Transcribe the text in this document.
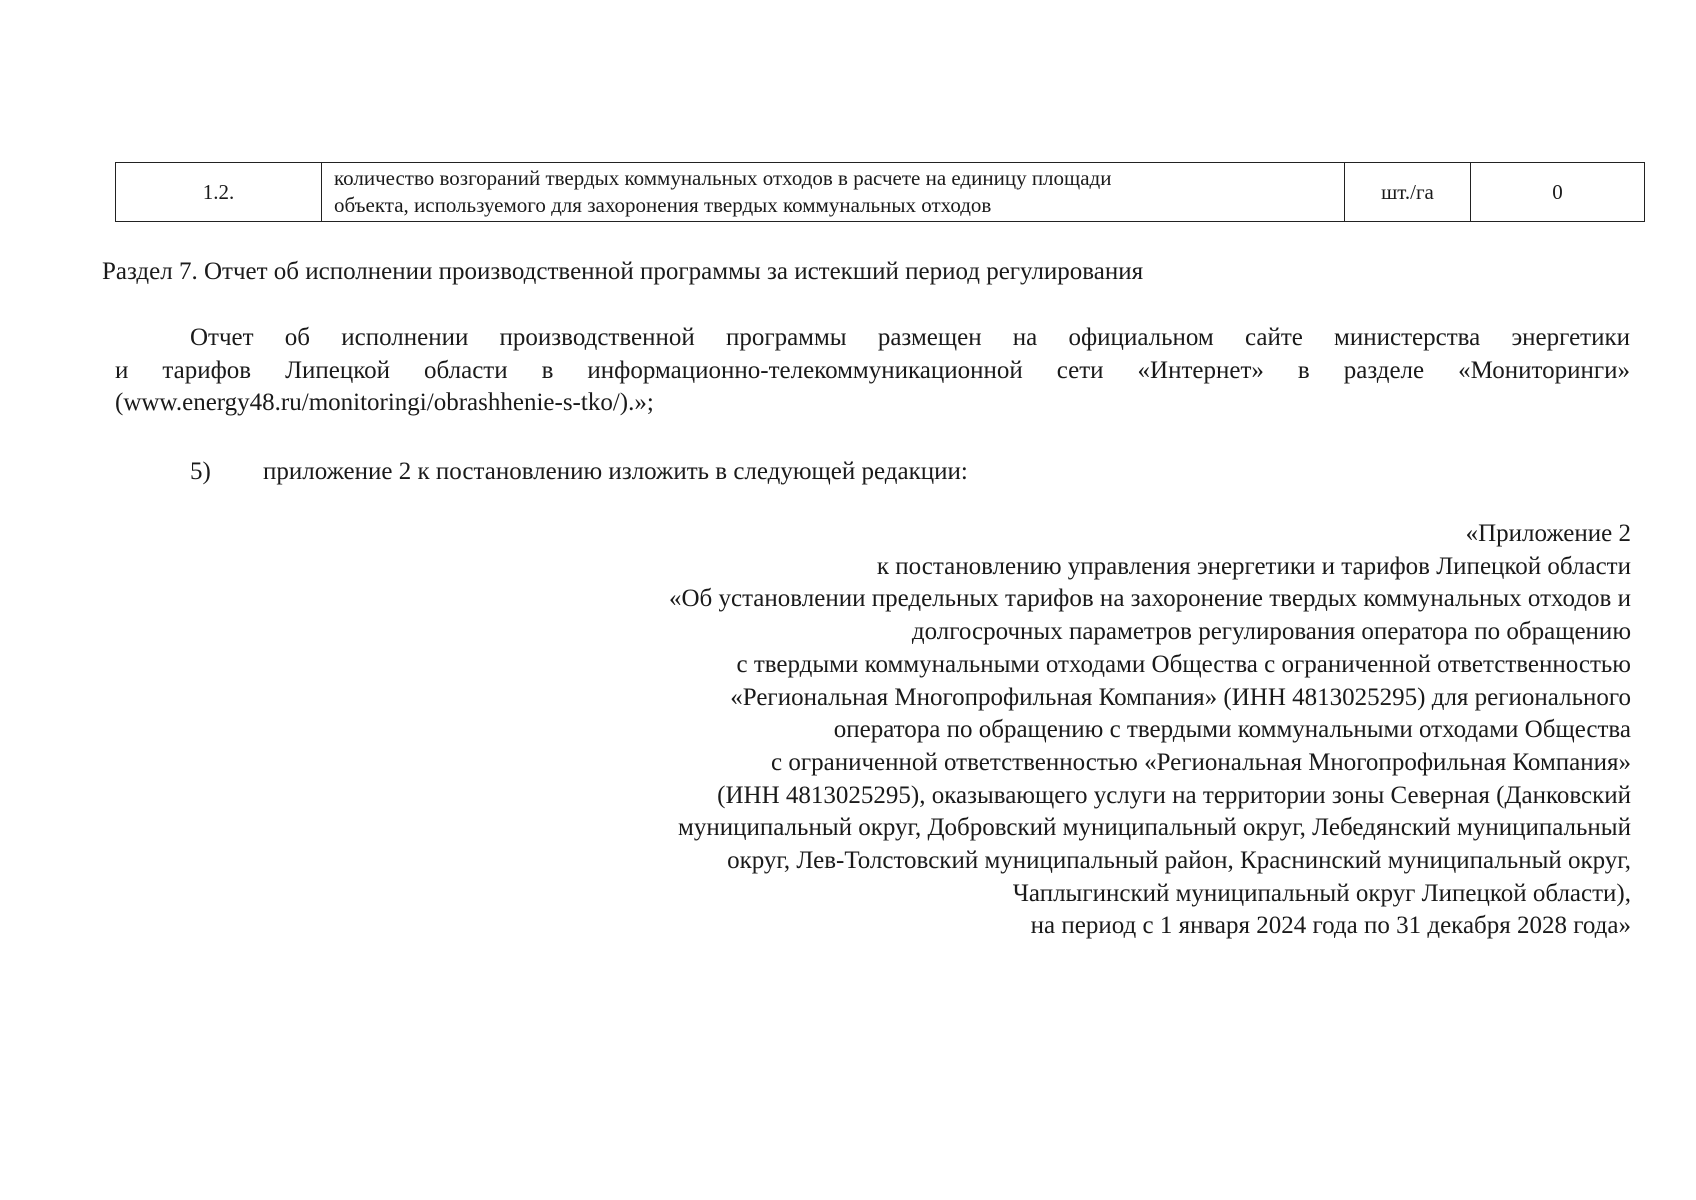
1.2.	количество возгораний твердых коммунальных отходов в расчете на единицу площади
объекта, используемого для захоронения твердых коммунальных отходов	шт./га	0
Раздел 7. Отчет об исполнении производственной программы за истекший период регулирования
Отчет об исполнении производственной программы размещен на официальном сайте министерства энергетики
и тарифов Липецкой области в информационно-телекоммуникационной сети «Интернет» в разделе «Мониторинги»
(www.energy48.ru/monitoringi/obrashhenie-s-tko/).»;
5) приложение 2 к постановлению изложить в следующей редакции:
«Приложение 2
к постановлению управления энергетики и тарифов Липецкой области
«Об установлении предельных тарифов на захоронение твердых коммунальных отходов и
долгосрочных параметров регулирования оператора по обращению
с твердыми коммунальными отходами Общества с ограниченной ответственностью
«Региональная Многопрофильная Компания» (ИНН 4813025295) для регионального
оператора по обращению с твердыми коммунальными отходами Общества
с ограниченной ответственностью «Региональная Многопрофильная Компания»
(ИНН 4813025295), оказывающего услуги на территории зоны Северная (Данковский
муниципальный округ, Добровский муниципальный округ, Лебедянский муниципальный
округ, Лев-Толстовский муниципальный район, Краснинский муниципальный округ,
Чаплыгинский муниципальный округ Липецкой области),
на период с 1 января 2024 года по 31 декабря 2028 года»
